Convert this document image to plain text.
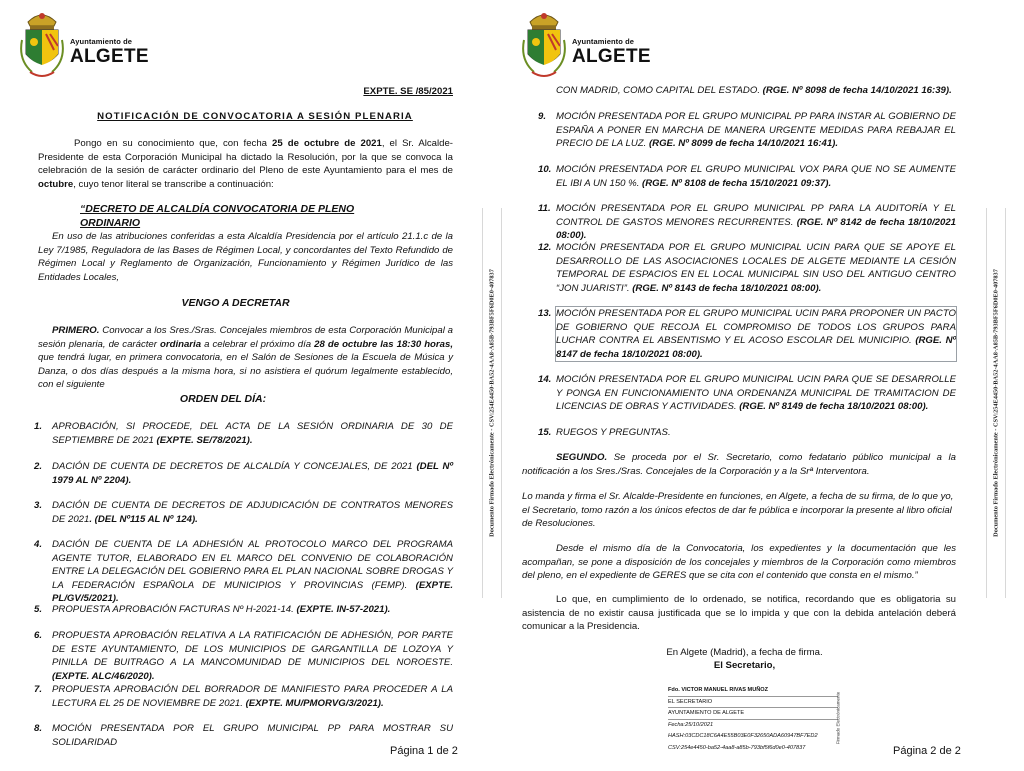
Ayuntamiento de
ALGETE
EXPTE. SE /85/2021
NOTIFICACIÓN DE CONVOCATORIA A SESIÓN PLENARIA
Pongo en su conocimiento que, con fecha 25 de octubre de 2021, el Sr. Alcalde-Presidente de esta Corporación Municipal ha dictado la Resolución, por la que se convoca la celebración de la sesión de carácter ordinario del Pleno de este Ayuntamiento para el mes de octubre, cuyo tenor literal se transcribe a continuación:
“DECRETO DE ALCALDÍA CONVOCATORIA DE PLENO ORDINARIO
En uso de las atribuciones conferidas a esta Alcaldía Presidencia por el artículo 21.1.c de la Ley 7/1985, Reguladora de las Bases de Régimen Local, y concordantes del Texto Refundido de Régimen Local y Reglamento de Organización, Funcionamiento y Régimen Jurídico de las Entidades Locales,
VENGO A DECRETAR
PRIMERO. Convocar a los Sres./Sras. Concejales miembros de esta Corporación Municipal a sesión plenaria, de carácter ordinaria a celebrar el próximo día 28 de octubre las 18:30 horas, que tendrá lugar, en primera convocatoria, en el Salón de Sesiones de la Escuela de Música y Danza, o dos días después a la misma hora, si no asistiera el quórum legalmente establecido, con el siguiente
ORDEN DEL DÍA:
1. APROBACIÓN, SI PROCEDE, DEL ACTA DE LA SESIÓN ORDINARIA DE 30 DE SEPTIEMBRE DE 2021 (EXPTE. SE/78/2021).
2. DACIÓN DE CUENTA DE DECRETOS DE ALCALDÍA Y CONCEJALES, DE 2021 (DEL Nº 1979 AL Nº 2204).
3. DACIÓN DE CUENTA DE DECRETOS DE ADJUDICACIÓN DE CONTRATOS MENORES DE 2021. (DEL Nº115 AL Nº 124).
4. DACIÓN DE CUENTA DE LA ADHESIÓN AL PROTOCOLO MARCO DEL PROGRAMA AGENTE TUTOR, ELABORADO EN EL MARCO DEL CONVENIO DE COLABORACIÓN ENTRE LA DELEGACIÓN DEL GOBIERNO PARA EL PLAN NACIONAL SOBRE DROGAS Y LA FEDERACIÓN ESPAÑOLA DE MUNICIPIOS Y PROVINCIAS (FEMP). (EXPTE. PL/GV/5/2021).
5. PROPUESTA APROBACIÓN FACTURAS Nº H-2021-14. (EXPTE. IN-57-2021).
6. PROPUESTA APROBACIÓN RELATIVA A LA RATIFICACIÓN DE ADHESIÓN, POR PARTE DE ESTE AYUNTAMIENTO, DE LOS MUNICIPIOS DE GARGANTILLA DE LOZOYA Y PINILLA DE BUITRAGO A LA MANCOMUNIDAD DE MUNICIPIOS DEL NOROESTE. (EXPTE. ALC/46/2020).
7. PROPUESTA APROBACIÓN DEL BORRADOR DE MANIFIESTO PARA PROCEDER A LA LECTURA EL 25 DE NOVIEMBRE DE 2021. (EXPTE. MU/PMORVG/3/2021).
8. MOCIÓN PRESENTADA POR EL GRUPO MUNICIPAL PP PARA MOSTRAR SU SOLIDARIDAD
Página 1 de 2
Documento Firmado Electrónicamente - CSV:254E4450-BA52-4AA8-A85B-793BF5F6D0E0-407837
Ayuntamiento de
ALGETE
CON MADRID, COMO CAPITAL DEL ESTADO. (RGE. Nº 8098 de fecha 14/10/2021 16:39).
9. MOCIÓN PRESENTADA POR EL GRUPO MUNICIPAL PP PARA INSTAR AL GOBIERNO DE ESPAÑA A PONER EN MARCHA DE MANERA URGENTE MEDIDAS PARA REBAJAR EL PRECIO DE LA LUZ. (RGE. Nº 8099 de fecha 14/10/2021 16:41).
10. MOCIÓN PRESENTADA POR EL GRUPO MUNICIPAL VOX PARA QUE NO SE AUMENTE EL IBI A UN 150 %. (RGE. Nº 8108 de fecha 15/10/2021 09:37).
11. MOCIÓN PRESENTADA POR EL GRUPO MUNICIPAL PP PARA LA AUDITORÍA Y EL CONTROL DE GASTOS MENORES RECURRENTES. (RGE. Nº 8142 de fecha 18/10/2021 08:00).
12. MOCIÓN PRESENTADA POR EL GRUPO MUNICIPAL UCIN PARA QUE SE APOYE EL DESARROLLO DE LAS ASOCIACIONES LOCALES DE ALGETE MEDIANTE LA CESIÓN TEMPORAL DE ESPACIOS EN EL LOCAL MUNICIPAL SIN USO DEL ANTIGUO CENTRO “JON JUARISTI”. (RGE. Nº 8143 de fecha 18/10/2021 08:00).
13. MOCIÓN PRESENTADA POR EL GRUPO MUNICIPAL UCIN PARA PROPONER UN PACTO DE GOBIERNO QUE RECOJA EL COMPROMISO DE TODOS LOS GRUPOS PARA LUCHAR CONTRA EL ABSENTISMO Y EL ACOSO ESCOLAR DEL MUNICIPIO. (RGE. Nº 8147 de fecha 18/10/2021 08:00).
14. MOCIÓN PRESENTADA POR EL GRUPO MUNICIPAL UCIN PARA QUE SE DESARROLLE Y PONGA EN FUNCIONAMIENTO UNA ORDENANZA MUNICIPAL DE TRAMITACION DE LICENCIAS DE OBRAS Y ACTIVIDADES. (RGE. Nº 8149 de fecha 18/10/2021 08:00).
15. RUEGOS Y PREGUNTAS.
SEGUNDO. Se proceda por el Sr. Secretario, como fedatario público municipal a la notificación a los Sres./Sras. Concejales de la Corporación y a la Srª Interventora.
Lo manda y firma el Sr. Alcalde-Presidente en funciones, en Algete, a fecha de su firma, de lo que yo, el Secretario, tomo razón a los únicos efectos de dar fe pública e incorporar la presente al libro oficial de Resoluciones.
Desde el mismo día de la Convocatoria, los expedientes y la documentación que les acompañan, se pone a disposición de los concejales y miembros de la Corporación como miembros del pleno, en el expediente de GERES que se cita con el contenido que consta en el mismo.”
Lo que, en cumplimiento de lo ordenado, se notifica, recordando que es obligatoria su asistencia de no existir causa justificada que se lo impida y que con la debida antelación deberá comunicar a la Presidencia.
En Algete (Madrid), a fecha de firma.
El Secretario,
Fdo. VICTOR MANUEL RIVAS MUÑOZ
EL SECRETARIO
AYUNTAMIENTO DE ALGETE
Fecha:25/10/2021
HASH:03CDC18C6A4E55B03E0F32650ADA60947BF7ED2
CSV:254e4450-ba52-4aa8-a85b-793bf5f6d0e0-407837
Firmado Electrónicamente
Página 2 de 2
Documento Firmado Electrónicamente - CSV:254E4450-BA52-4AA8-A85B-793BF5F6D0E0-407837
